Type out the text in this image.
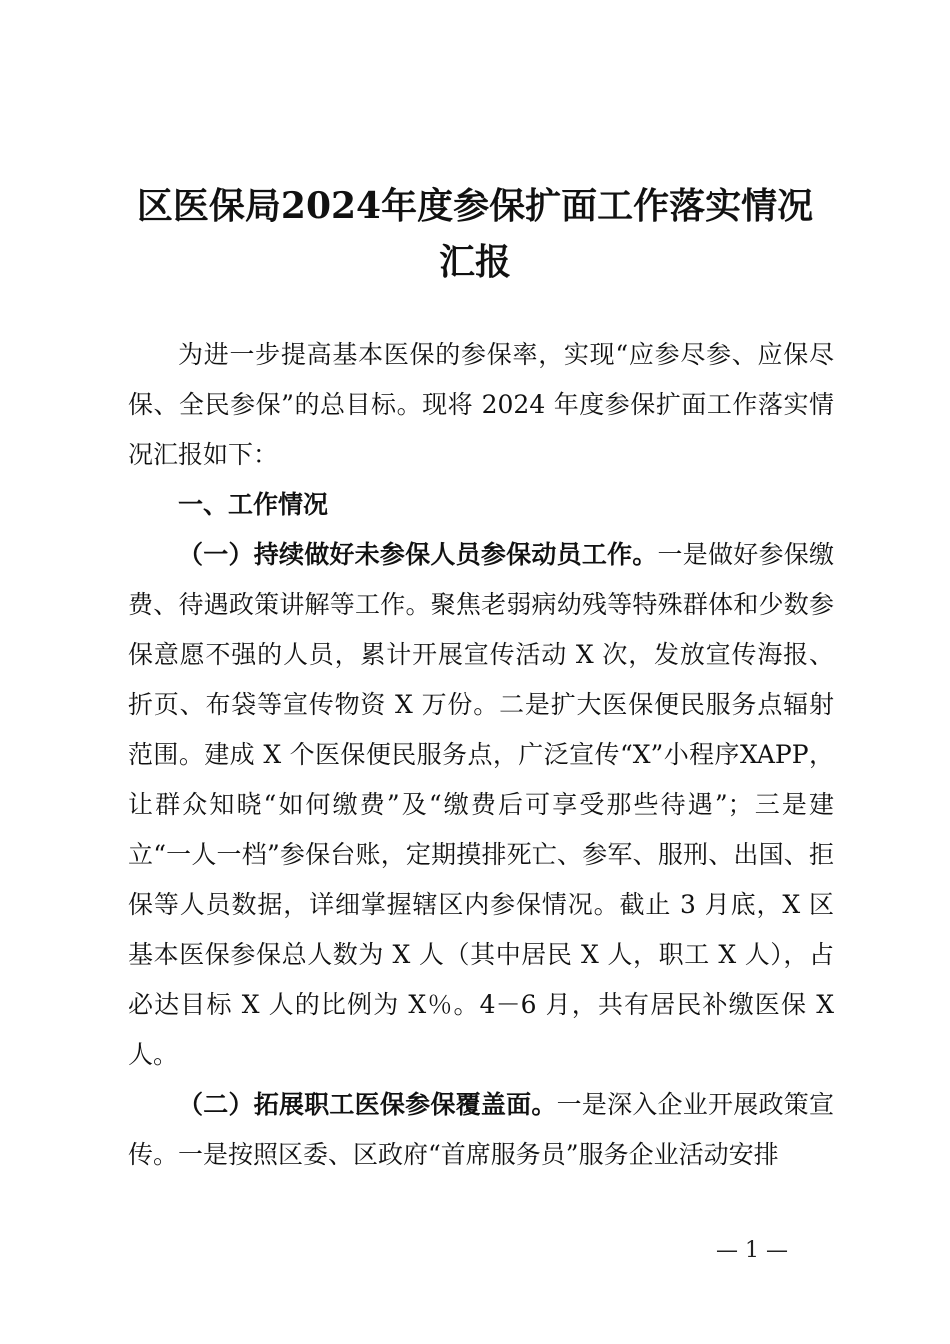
区医保局2024年度参保扩面工作落实情况汇报

为进一步提高基本医保的参保率，实现“应参尽参、应保尽保、全民参保”的总目标。现将 2024 年度参保扩面工作落实情况汇报如下：

一、工作情况

（一）持续做好未参保人员参保动员工作。一是做好参保缴费、待遇政策讲解等工作。聚焦老弱病幼残等特殊群体和少数参保意愿不强的人员，累计开展宣传活动 X 次，发放宣传海报、折页、布袋等宣传物资 X 万份。二是扩大医保便民服务点辐射范围。建成 X 个医保便民服务点，广泛宣传“X”小程序XAPP，让群众知晓“如何缴费”及“缴费后可享受那些待遇”；三是建立“一人一档”参保台账，定期摸排死亡、参军、服刑、出国、拒保等人员数据，详细掌握辖区内参保情况。截止 3 月底，X 区基本医保参保总人数为 X 人（其中居民 X 人，职工 X 人），占必达目标 X 人的比例为 X％。4－6 月，共有居民补缴医保 X 人。

（二）拓展职工医保参保覆盖面。一是深入企业开展政策宣传。一是按照区委、区政府“首席服务员”服务企业活动安排

— 1 —
